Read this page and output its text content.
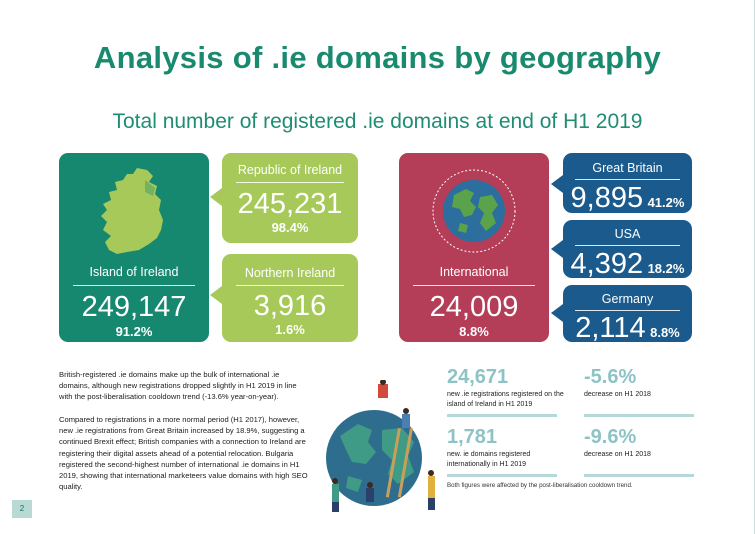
Analysis of .ie domains by geography
Total number of registered .ie domains at end of H1 2019
Island of Ireland
249,147
91.2%
Republic of Ireland
245,231
98.4%
Northern Ireland
3,916
1.6%
International
24,009
8.8%
Great Britain
9,895 41.2%
USA
4,392 18.2%
Germany
2,114 8.8%
British-registered .ie domains make up the bulk of international .ie domains, although new registrations dropped slightly in H1 2019 in line with the post-liberalisation cooldown trend (-13.6% year-on-year).
Compared to registrations in a more normal period (H1 2017), however, new .ie registrations from Great Britain increased by 18.9%, suggesting a continued Brexit effect; British companies with a connection to Ireland are registering their digital assets ahead of a potential relocation. Bulgaria registered the second-highest number of international .ie domains in H1 2019, showing that international marketeers value domains with high SEO quality.
24,671
new .ie registrations registered on the island of Ireland in H1 2019
-5.6%
decrease on H1 2018
1,781
new. ie domains registered internationally in H1 2019
-9.6%
decrease on H1 2018
Both figures were affected by the post-liberalisation cooldown trend.
2
